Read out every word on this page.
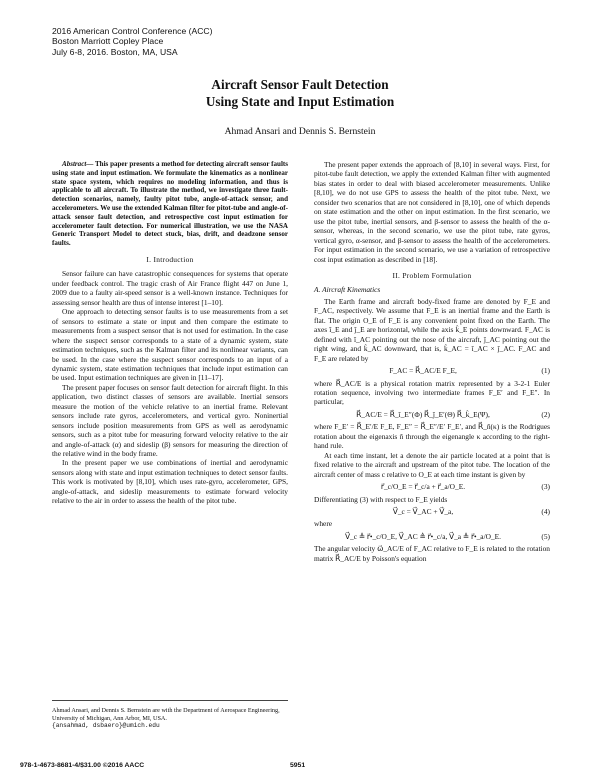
2016 American Control Conference (ACC)
Boston Marriott Copley Place
July 6-8, 2016. Boston, MA, USA
Aircraft Sensor Fault Detection
Using State and Input Estimation
Ahmad Ansari and Dennis S. Bernstein

Abstract— This paper presents a method for detecting aircraft sensor faults using state and input estimation. We formulate the kinematics as a nonlinear state space system, which requires no modeling information, and thus is applicable to all aircraft. To illustrate the method, we investigate three fault-detection scenarios, namely, faulty pitot tube, angle-of-attack sensor, and accelerometers. We use the extended Kalman filter for pitot-tube and angle-of-attack sensor fault detection, and retrospective cost input estimation for accelerometer fault detection. For numerical illustration, we use the NASA Generic Transport Model to detect stuck, bias, drift, and deadzone sensor faults.

I. Introduction

Sensor failure can have catastrophic consequences for systems that operate under feedback control. The tragic crash of Air France flight 447 on June 1, 2009 due to a faulty air-speed sensor is a well-known instance. Techniques for assessing sensor health are thus of intense interest [1–10].

One approach to detecting sensor faults is to use measurements from a set of sensors to estimate a state or input and then compare the estimate to measurements from a suspect sensor that is not used for estimation. In the case where the suspect sensor corresponds to a state of a dynamic system, state estimation techniques, such as the Kalman filter and its nonlinear variants, can be used. In the case where the suspect sensor corresponds to an input of a dynamic system, state estimation techniques that include input estimation can be used. Input estimation techniques are given in [11–17].

The present paper focuses on sensor fault detection for aircraft flight. In this application, two distinct classes of sensors are available. Inertial sensors measure the motion of the vehicle relative to an inertial frame. Relevant sensors include rate gyros, accelerometers, and vertical gyro. Noninertial sensors include position measurements from GPS as well as aerodynamic sensors, such as a pitot tube for measuring forward velocity relative to the air and angle-of-attack (α) and sideslip (β) sensors for measuring the direction of the relative wind in the body frame.

In the present paper we use combinations of inertial and aerodynamic sensors along with state and input estimation techniques to detect sensor faults. This work is motivated by [8,10], which uses rate-gyro, accelerometer, GPS, angle-of-attack, and sideslip measurements to estimate forward velocity relative to the air in order to assess the health of the pitot tube.

Ahmad Ansari, and Dennis S. Bernstein are with the Department of Aerospace Engineering, University of Michigan, Ann Arbor, MI, USA.
{ansahmad, dsbaero}@umich.edu

The present paper extends the approach of [8,10] in several ways. First, for pitot-tube fault detection, we apply the extended Kalman filter with augmented bias states in order to deal with biased accelerometer measurements. Unlike [8,10], we do not use GPS to assess the health of the pitot tube. Next, we consider two scenarios that are not considered in [8,10], one of which depends on state estimation and the other on input estimation. In the first scenario, we use the pitot tube, inertial sensors, and β-sensor to assess the health of the α-sensor, whereas, in the second scenario, we use the pitot tube, rate gyros, vertical gyro, α-sensor, and β-sensor to assess the health of the accelerometers. For input estimation in the second scenario, we use a variation of retrospective cost input estimation as described in [18].

II. Problem Formulation
A. Aircraft Kinematics

The Earth frame and aircraft body-fixed frame are denoted by F_E and F_AC, respectively. We assume that F_E is an inertial frame and the Earth is flat. The origin O_E of F_E is any convenient point fixed on the Earth. The axes î_E and ĵ_E are horizontal, while the axis k̂_E points downward. F_AC is defined with î_AC pointing out the nose of the aircraft, ĵ_AC pointing out the right wing, and k̂_AC downward, that is, k̂_AC = î_AC × ĵ_AC. F_AC and F_E are related by

F_AC = R⃗_AC/E F_E,	(1)

where R⃗_AC/E is a physical rotation matrix represented by a 3-2-1 Euler rotation sequence, involving two intermediate frames F_E′ and F_E″. In particular,

R⃗_AC/E = R⃗_î_E″(Φ) R⃗_ĵ_E′(Θ) R⃗_k̂_E(Ψ),	(2)

where F_E′ = R⃗_E′/E F_E, F_E″ = R⃗_E″/E′ F_E′, and R⃗_n̂(κ) is the Rodrigues rotation about the eigenaxis n̂ through the eigenangle κ according to the right-hand rule.

At each time instant, let a denote the air particle located at a point that is fixed relative to the aircraft and upstream of the pitot tube. The location of the aircraft center of mass c relative to O_E at each time instant is given by

r⃗_c/O_E = r⃗_c/a + r⃗_a/O_E.	(3)

Differentiating (3) with respect to F_E yields

V⃗_c = V⃗_AC + V⃗_a,	(4)

where

V⃗_c ≜ r⃗•_c/O_E, V⃗_AC ≜ r⃗•_c/a, V⃗_a ≜ r⃗•_a/O_E.	(5)

The angular velocity ω⃗_AC/E of F_AC relative to F_E is related to the rotation matrix R⃗_AC/E by Poisson's equation

978-1-4673-8681-4/$31.00 ©2016 AACC	5951
